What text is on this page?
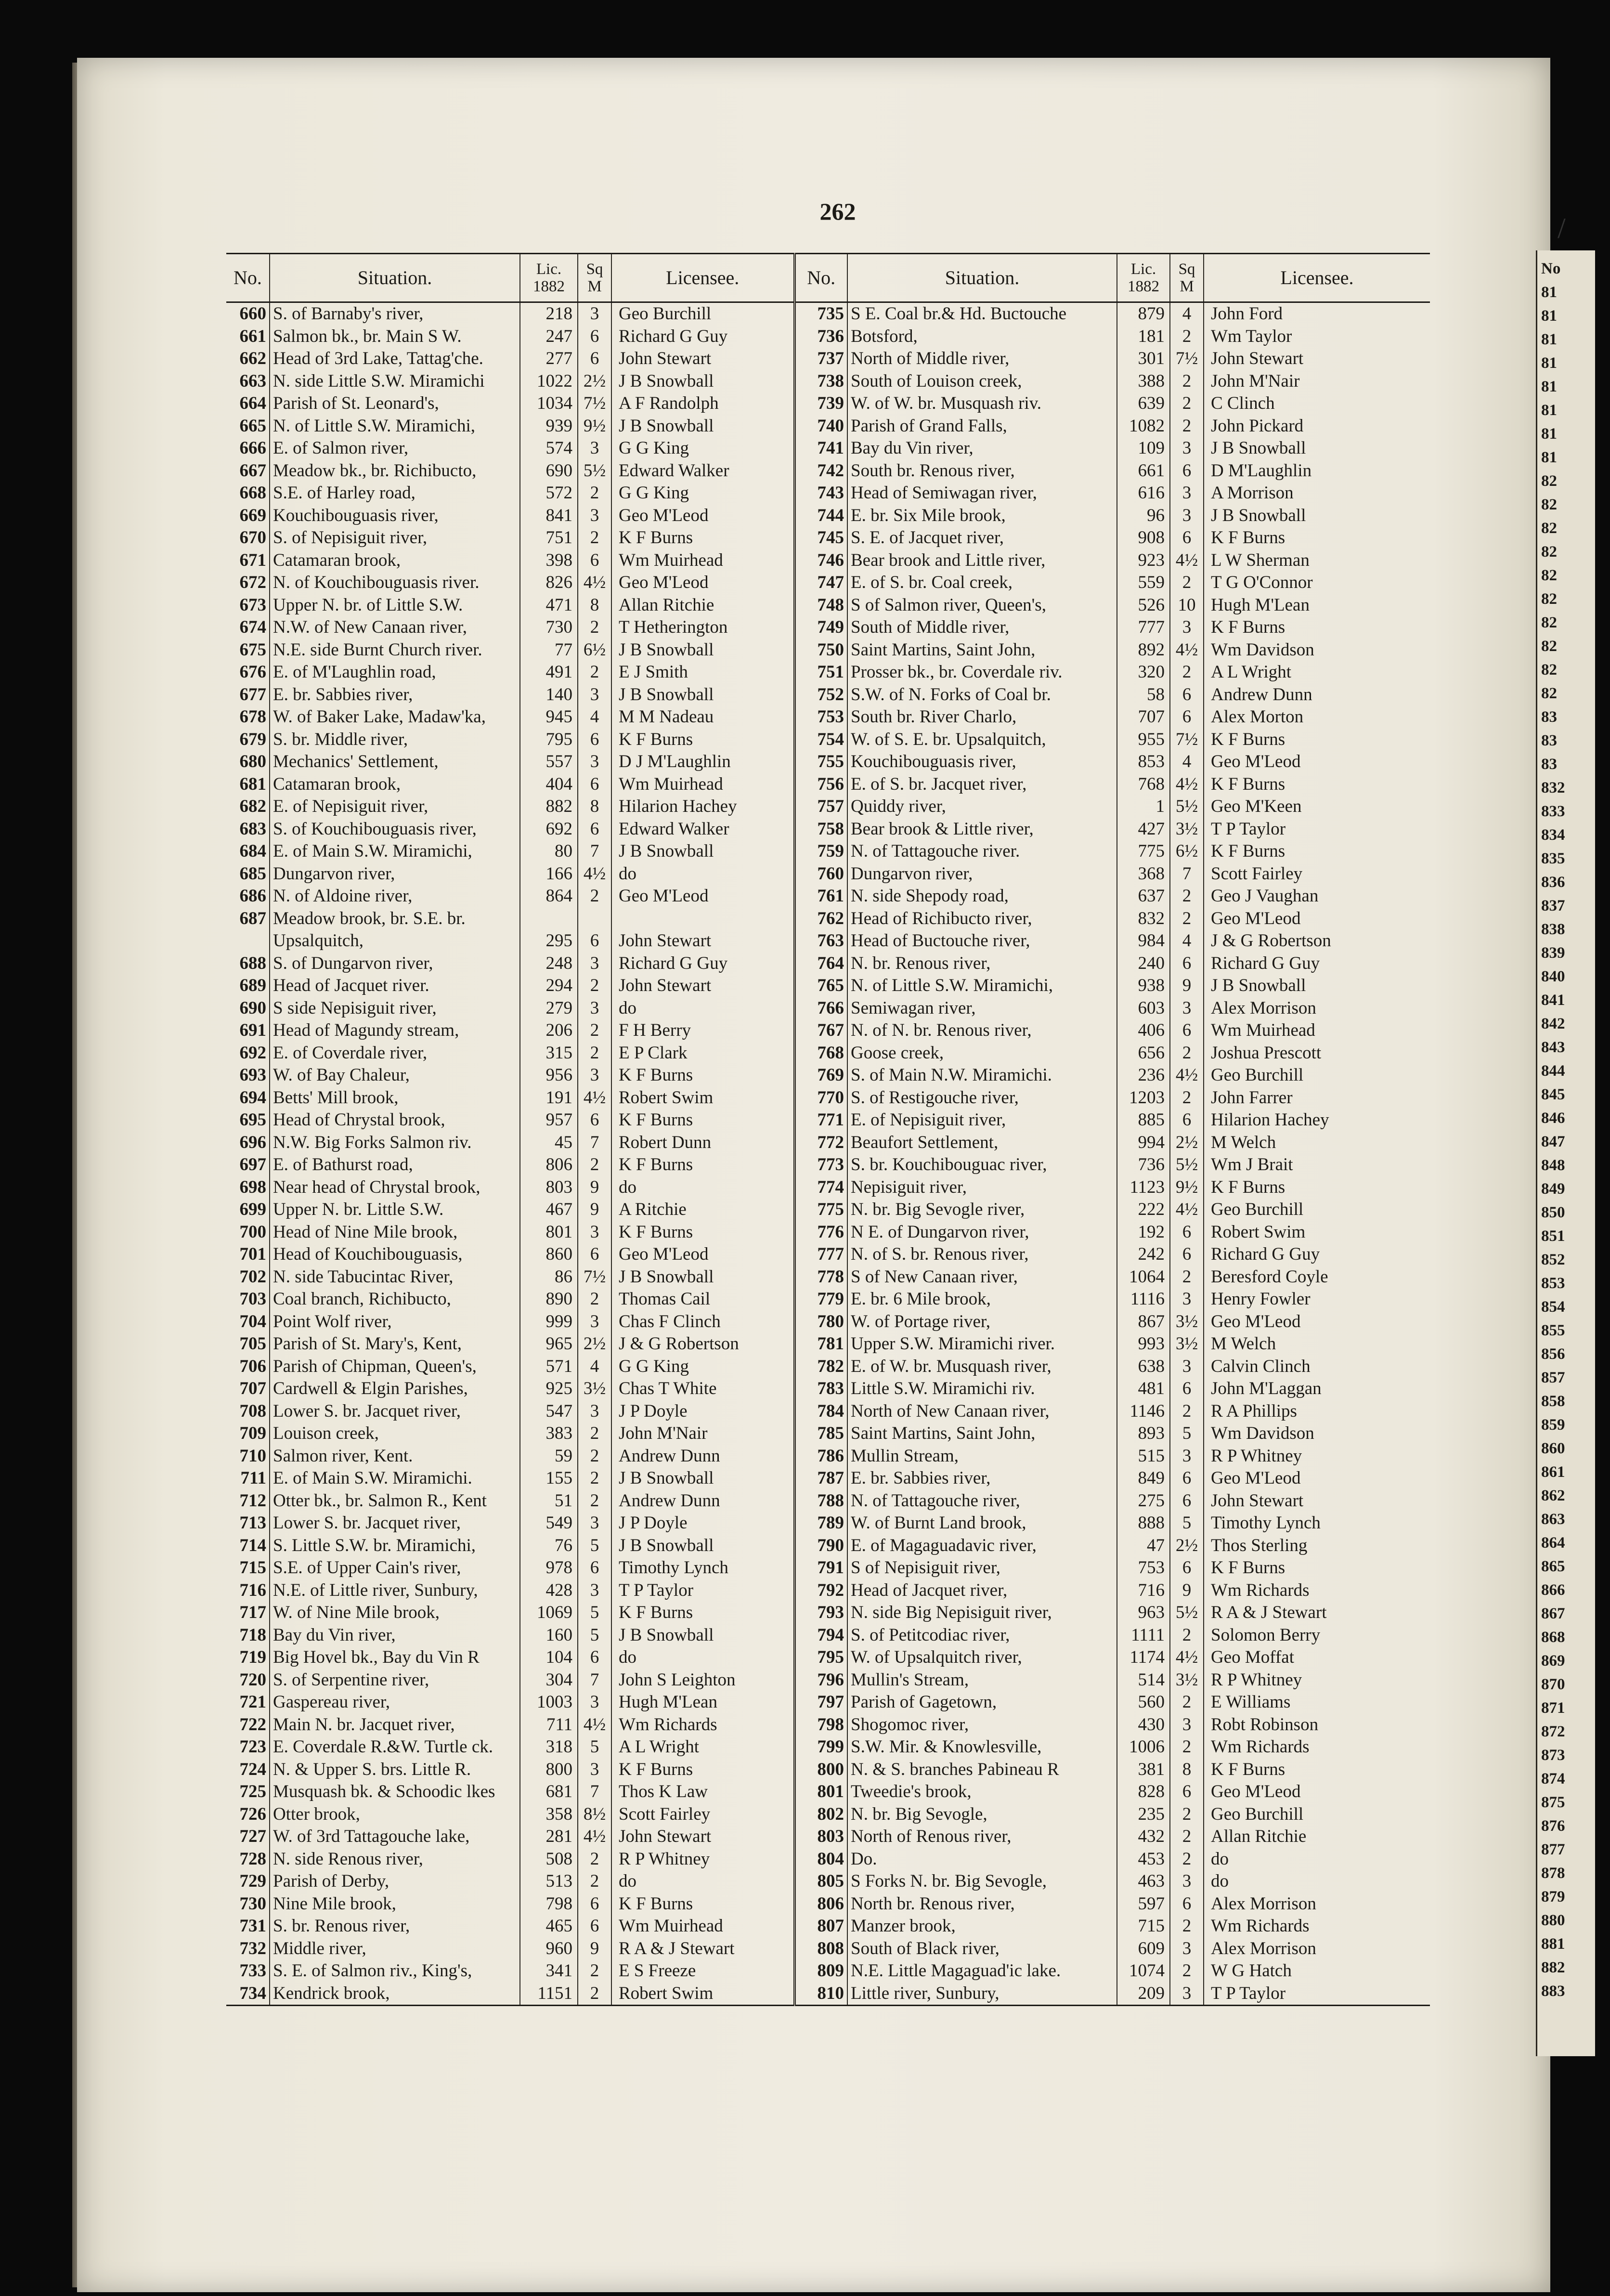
262
/
No.	Situation.	Lic. 1882	Sq M	Licensee.	No.	Situation.	Lic. 1882	Sq M	Licensee.
660	S. of Barnaby's river,	218	3	Geo Burchill	735	S E. Coal br.& Hd. Buctouche	879	4	John Ford
661	Salmon bk., br. Main S W.	247	6	Richard G Guy	736	Botsford,	181	2	Wm Taylor
662	Head of 3rd Lake, Tattag'che.	277	6	John Stewart	737	North of Middle river,	301	7½	John Stewart
663	N. side Little S.W. Miramichi	1022	2½	J B Snowball	738	South of Louison creek,	388	2	John M'Nair
664	Parish of St. Leonard's,	1034	7½	A F Randolph	739	W. of W. br. Musquash riv.	639	2	C Clinch
665	N. of Little S.W. Miramichi,	939	9½	J B Snowball	740	Parish of Grand Falls,	1082	2	John Pickard
666	E. of Salmon river,	574	3	G G King	741	Bay du Vin river,	109	3	J B Snowball
667	Meadow bk., br. Richibucto,	690	5½	Edward Walker	742	South br. Renous river,	661	6	D M'Laughlin
668	S.E. of Harley road,	572	2	G G King	743	Head of Semiwagan river,	616	3	A Morrison
669	Kouchibouguasis river,	841	3	Geo M'Leod	744	E. br. Six Mile brook,	96	3	J B Snowball
670	S. of Nepisiguit river,	751	2	K F Burns	745	S. E. of Jacquet river,	908	6	K F Burns
671	Catamaran brook,	398	6	Wm Muirhead	746	Bear brook and Little river,	923	4½	L W Sherman
672	N. of Kouchibouguasis river.	826	4½	Geo M'Leod	747	E. of S. br. Coal creek,	559	2	T G O'Connor
673	Upper N. br. of Little S.W.	471	8	Allan Ritchie	748	S of Salmon river, Queen's,	526	10	Hugh M'Lean
674	N.W. of New Canaan river,	730	2	T Hetherington	749	South of Middle river,	777	3	K F Burns
675	N.E. side Burnt Church river.	77	6½	J B Snowball	750	Saint Martins, Saint John,	892	4½	Wm Davidson
676	E. of M'Laughlin road,	491	2	E J Smith	751	Prosser bk., br. Coverdale riv.	320	2	A L Wright
677	E. br. Sabbies river,	140	3	J B Snowball	752	S.W. of N. Forks of Coal br.	58	6	Andrew Dunn
678	W. of Baker Lake, Madaw'ka,	945	4	M M Nadeau	753	South br. River Charlo,	707	6	Alex Morton
679	S. br. Middle river,	795	6	K F Burns	754	W. of S. E. br. Upsalquitch,	955	7½	K F Burns
680	Mechanics' Settlement,	557	3	D J M'Laughlin	755	Kouchibouguasis river,	853	4	Geo M'Leod
681	Catamaran brook,	404	6	Wm Muirhead	756	E. of S. br. Jacquet river,	768	4½	K F Burns
682	E. of Nepisiguit river,	882	8	Hilarion Hachey	757	Quiddy river,	1	5½	Geo M'Keen
683	S. of Kouchibouguasis river,	692	6	Edward Walker	758	Bear brook & Little river,	427	3½	T P Taylor
684	E. of Main S.W. Miramichi,	80	7	J B Snowball	759	N. of Tattagouche river.	775	6½	K F Burns
685	Dungarvon river,	166	4½	do	760	Dungarvon river,	368	7	Scott Fairley
686	N. of Aldoine river,	864	2	Geo M'Leod	761	N. side Shepody road,	637	2	Geo J Vaughan
687	Meadow brook, br. S.E. br.				762	Head of Richibucto river,	832	2	Geo M'Leod
	Upsalquitch,	295	6	John Stewart	763	Head of Buctouche river,	984	4	J & G Robertson
688	S. of Dungarvon river,	248	3	Richard G Guy	764	N. br. Renous river,	240	6	Richard G Guy
689	Head of Jacquet river.	294	2	John Stewart	765	N. of Little S.W. Miramichi,	938	9	J B Snowball
690	S side Nepisiguit river,	279	3	do	766	Semiwagan river,	603	3	Alex Morrison
691	Head of Magundy stream,	206	2	F H Berry	767	N. of N. br. Renous river,	406	6	Wm Muirhead
692	E. of Coverdale river,	315	2	E P Clark	768	Goose creek,	656	2	Joshua Prescott
693	W. of Bay Chaleur,	956	3	K F Burns	769	S. of Main N.W. Miramichi.	236	4½	Geo Burchill
694	Betts' Mill brook,	191	4½	Robert Swim	770	S. of Restigouche river,	1203	2	John Farrer
695	Head of Chrystal brook,	957	6	K F Burns	771	E. of Nepisiguit river,	885	6	Hilarion Hachey
696	N.W. Big Forks Salmon riv.	45	7	Robert Dunn	772	Beaufort Settlement,	994	2½	M Welch
697	E. of Bathurst road,	806	2	K F Burns	773	S. br. Kouchibouguac river,	736	5½	Wm J Brait
698	Near head of Chrystal brook,	803	9	do	774	Nepisiguit river,	1123	9½	K F Burns
699	Upper N. br. Little S.W.	467	9	A Ritchie	775	N. br. Big Sevogle river,	222	4½	Geo Burchill
700	Head of Nine Mile brook,	801	3	K F Burns	776	N E. of Dungarvon river,	192	6	Robert Swim
701	Head of Kouchibouguasis,	860	6	Geo M'Leod	777	N. of S. br. Renous river,	242	6	Richard G Guy
702	N. side Tabucintac River,	86	7½	J B Snowball	778	S of New Canaan river,	1064	2	Beresford Coyle
703	Coal branch, Richibucto,	890	2	Thomas Cail	779	E. br. 6 Mile brook,	1116	3	Henry Fowler
704	Point Wolf river,	999	3	Chas F Clinch	780	W. of Portage river,	867	3½	Geo M'Leod
705	Parish of St. Mary's, Kent,	965	2½	J & G Robertson	781	Upper S.W. Miramichi river.	993	3½	M Welch
706	Parish of Chipman, Queen's,	571	4	G G King	782	E. of W. br. Musquash river,	638	3	Calvin Clinch
707	Cardwell & Elgin Parishes,	925	3½	Chas T White	783	Little S.W. Miramichi riv.	481	6	John M'Laggan
708	Lower S. br. Jacquet river,	547	3	J P Doyle	784	North of New Canaan river,	1146	2	R A Phillips
709	Louison creek,	383	2	John M'Nair	785	Saint Martins, Saint John,	893	5	Wm Davidson
710	Salmon river, Kent.	59	2	Andrew Dunn	786	Mullin Stream,	515	3	R P Whitney
711	E. of Main S.W. Miramichi.	155	2	J B Snowball	787	E. br. Sabbies river,	849	6	Geo M'Leod
712	Otter bk., br. Salmon R., Kent	51	2	Andrew Dunn	788	N. of Tattagouche river,	275	6	John Stewart
713	Lower S. br. Jacquet river,	549	3	J P Doyle	789	W. of Burnt Land brook,	888	5	Timothy Lynch
714	S. Little S.W. br. Miramichi,	76	5	J B Snowball	790	E. of Magaguadavic river,	47	2½	Thos Sterling
715	S.E. of Upper Cain's river,	978	6	Timothy Lynch	791	S of Nepisiguit river,	753	6	K F Burns
716	N.E. of Little river, Sunbury,	428	3	T P Taylor	792	Head of Jacquet river,	716	9	Wm Richards
717	W. of Nine Mile brook,	1069	5	K F Burns	793	N. side Big Nepisiguit river,	963	5½	R A & J Stewart
718	Bay du Vin river,	160	5	J B Snowball	794	S. of Petitcodiac river,	1111	2	Solomon Berry
719	Big Hovel bk., Bay du Vin R	104	6	do	795	W. of Upsalquitch river,	1174	4½	Geo Moffat
720	S. of Serpentine river,	304	7	John S Leighton	796	Mullin's Stream,	514	3½	R P Whitney
721	Gaspereau river,	1003	3	Hugh M'Lean	797	Parish of Gagetown,	560	2	E Williams
722	Main N. br. Jacquet river,	711	4½	Wm Richards	798	Shogomoc river,	430	3	Robt Robinson
723	E. Coverdale R.&W. Turtle ck.	318	5	A L Wright	799	S.W. Mir. & Knowlesville,	1006	2	Wm Richards
724	N. & Upper S. brs. Little R.	800	3	K F Burns	800	N. & S. branches Pabineau R	381	8	K F Burns
725	Musquash bk. & Schoodic lkes	681	7	Thos K Law	801	Tweedie's brook,	828	6	Geo M'Leod
726	Otter brook,	358	8½	Scott Fairley	802	N. br. Big Sevogle,	235	2	Geo Burchill
727	W. of 3rd Tattagouche lake,	281	4½	John Stewart	803	North of Renous river,	432	2	Allan Ritchie
728	N. side Renous river,	508	2	R P Whitney	804	Do.	453	2	do
729	Parish of Derby,	513	2	do	805	S Forks N. br. Big Sevogle,	463	3	do
730	Nine Mile brook,	798	6	K F Burns	806	North br. Renous river,	597	6	Alex Morrison
731	S. br. Renous river,	465	6	Wm Muirhead	807	Manzer brook,	715	2	Wm Richards
732	Middle river,	960	9	R A & J Stewart	808	South of Black river,	609	3	Alex Morrison
733	S. E. of Salmon riv., King's,	341	2	E S Freeze	809	N.E. Little Magaguad'ic lake.	1074	2	W G Hatch
734	Kendrick brook,	1151	2	Robert Swim	810	Little river, Sunbury,	209	3	T P Taylor
No
81
81
81
81
81
81
81
81
82
82
82
82
82
82
82
82
82
82
83
83
83
832
833
834
835
836
837
838
839
840
841
842
843
844
845
846
847
848
849
850
851
852
853
854
855
856
857
858
859
860
861
862
863
864
865
866
867
868
869
870
871
872
873
874
875
876
877
878
879
880
881
882
883
